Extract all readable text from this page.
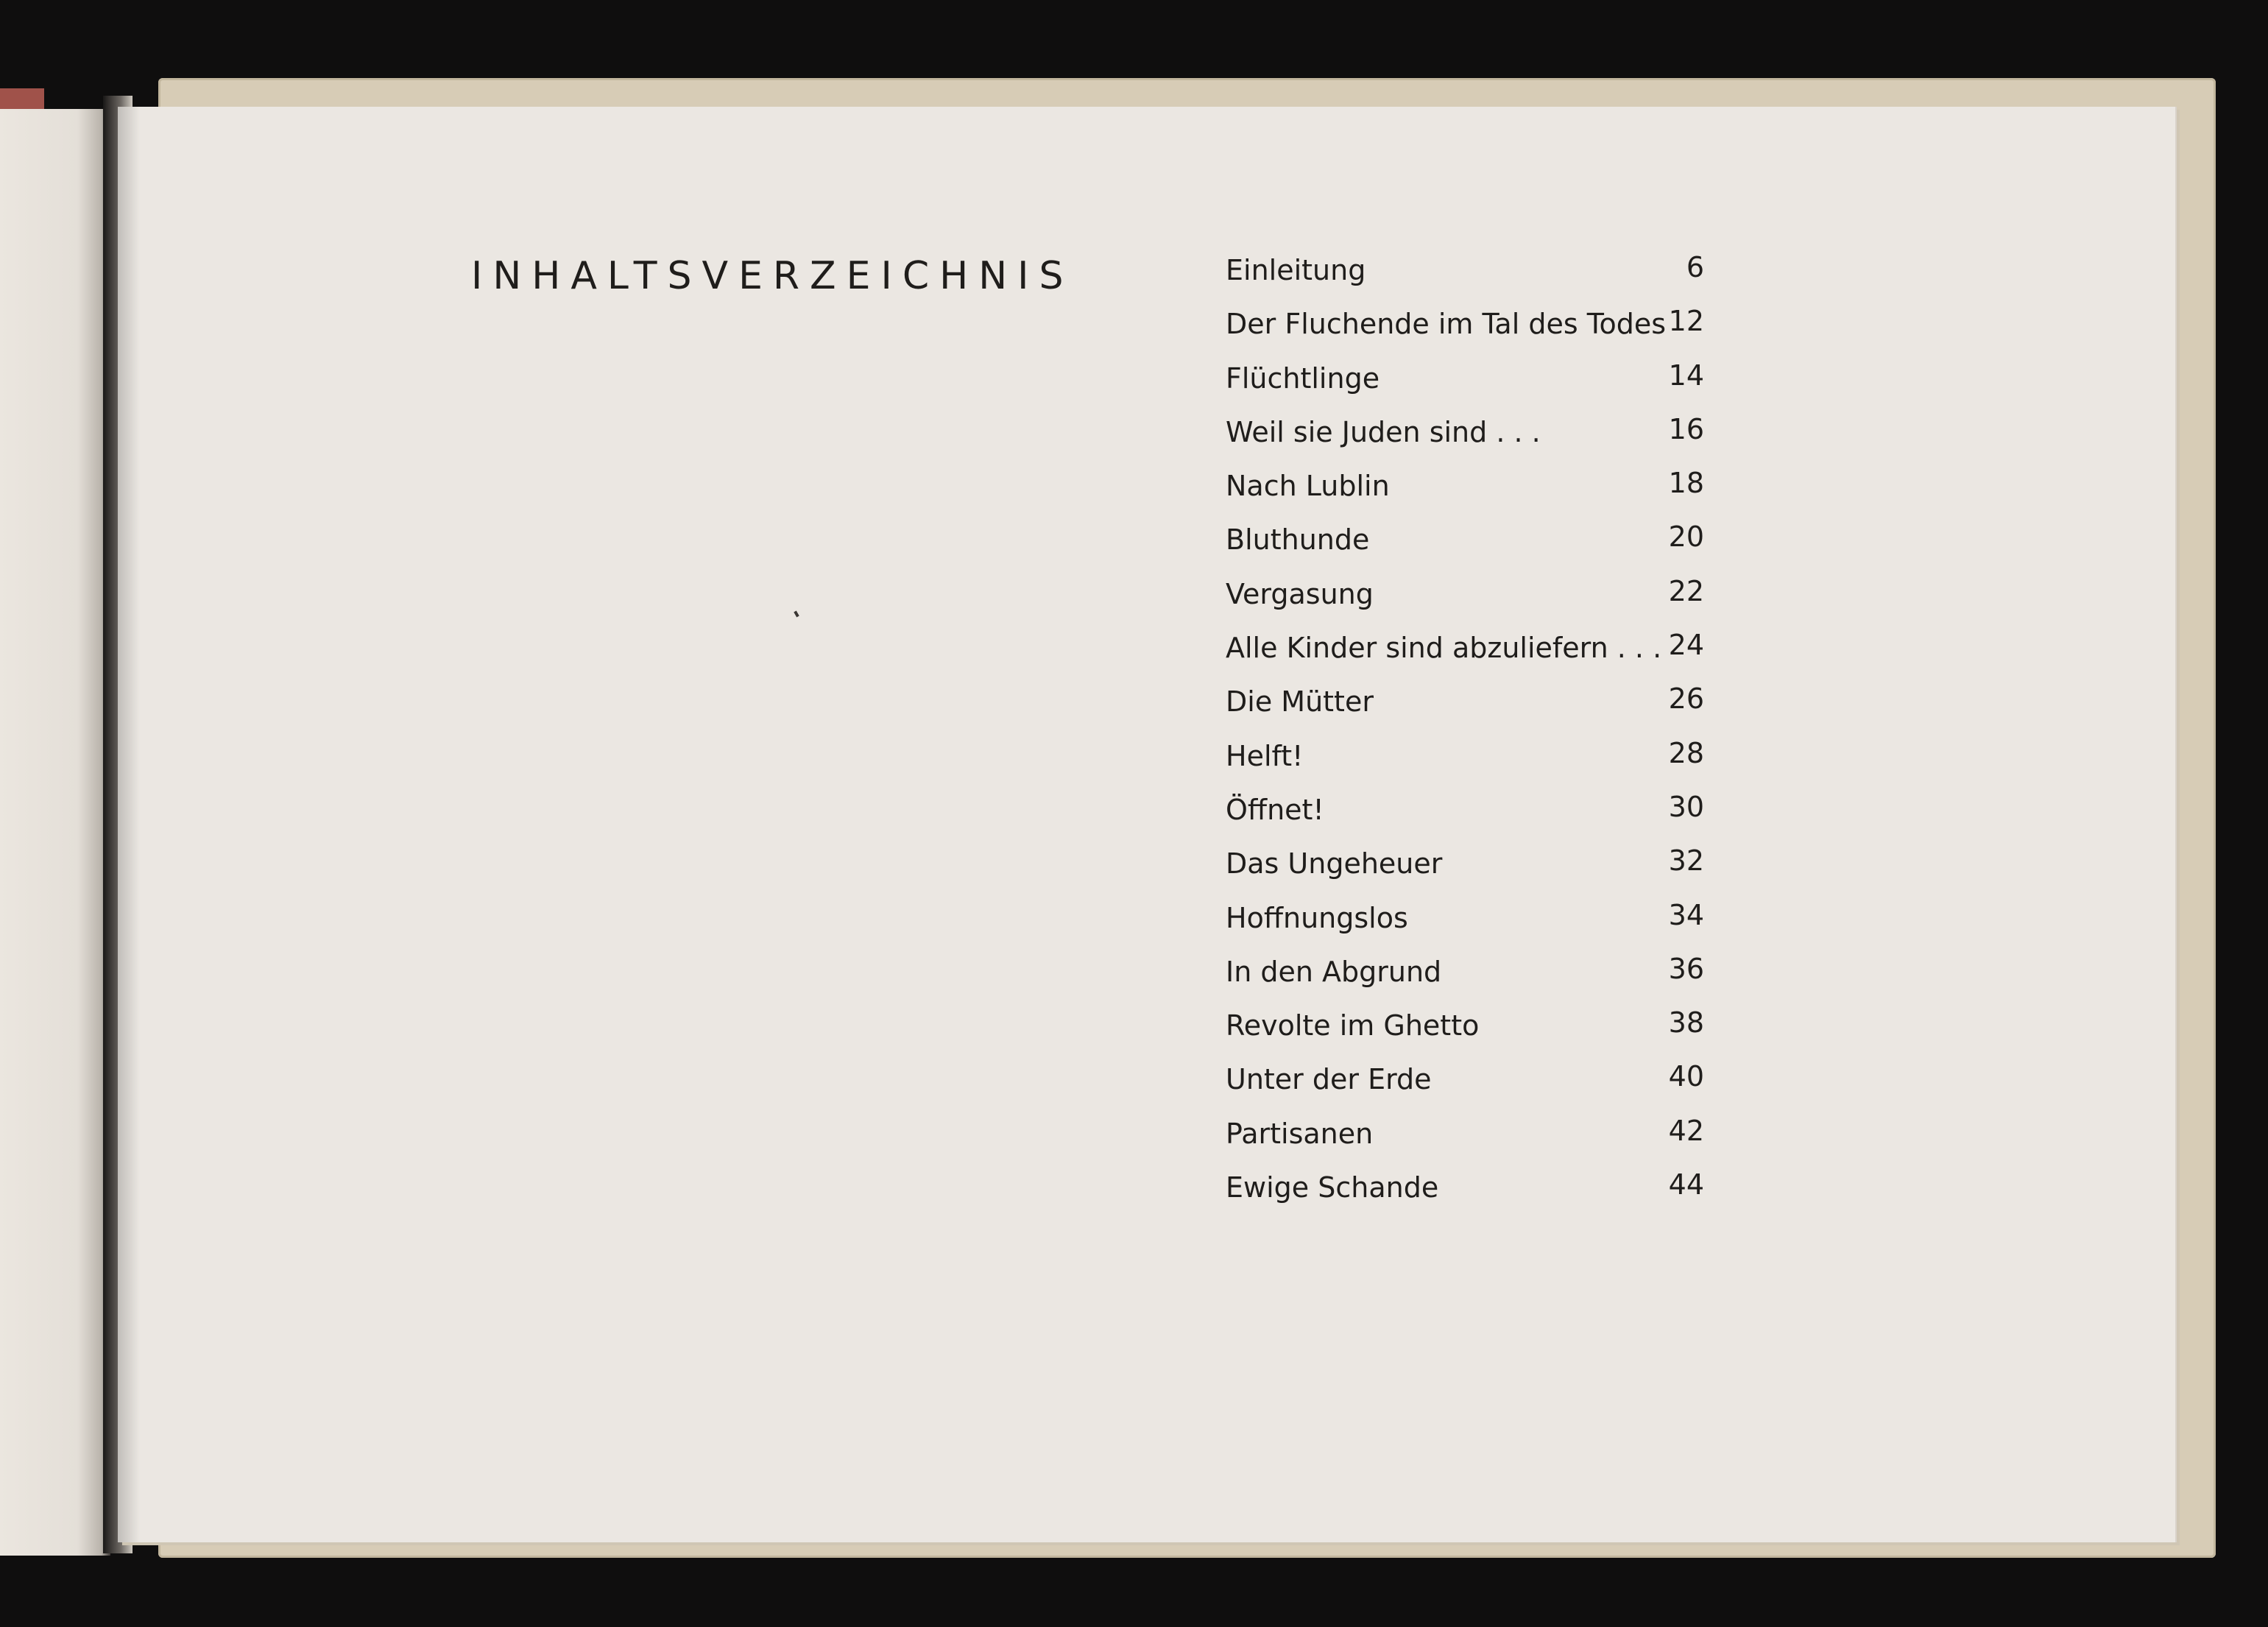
INHALTSVERZEICHNIS	Einleitung	6
Der Fluchende im Tal des Todes 12
Flüchtlinge	14
Weil sie Juden sind . . .	16
Nach Lublin	18
Bluthunde	20
Vergasung	22
Alle Kinder sind abzuliefern . . . 24
Die Mütter	26
Helft!	28
Öffnet!	30
Das Ungeheuer	32
Hoffnungslos	34
In den Abgrund	36
Revolte im Ghetto	38
Unter der Erde	40
Partisanen	42
Ewige Schande	44
